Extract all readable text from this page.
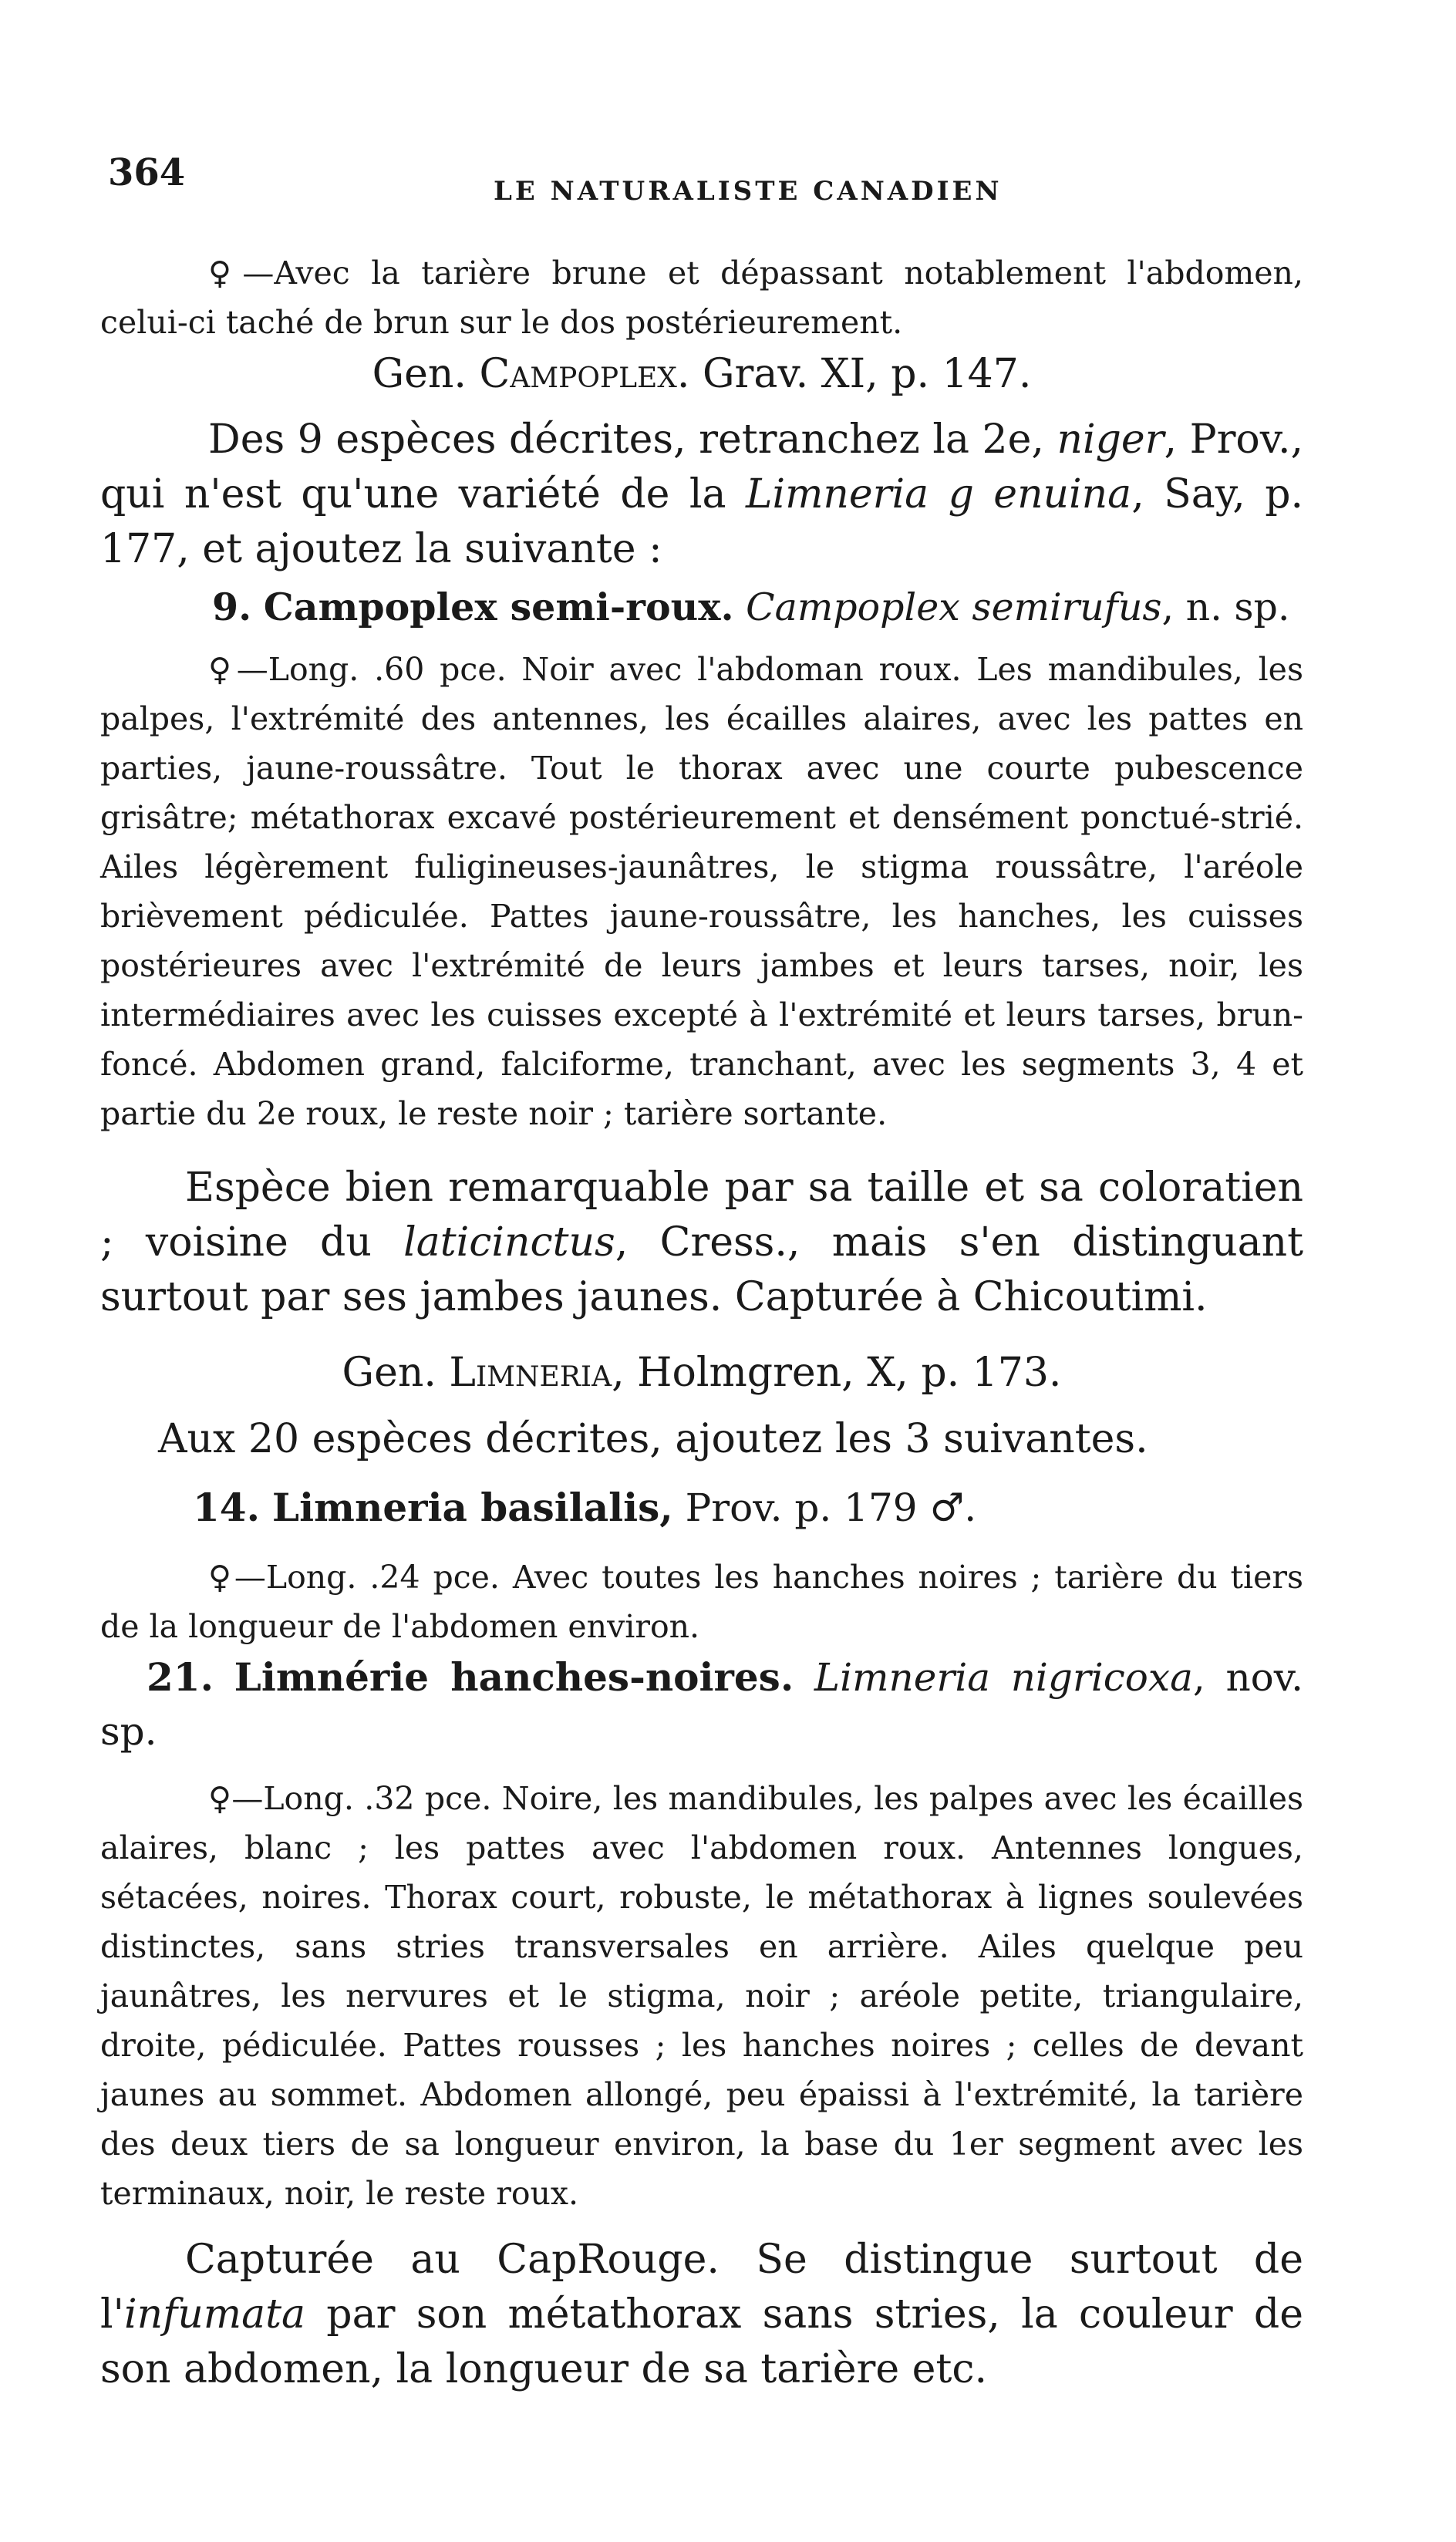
364	LE NATURALISTE CANADIEN
♀—Avec la tarière brune et dépassant notablement l'abdomen, celui-ci taché de brun sur le dos postérieurement.
Gen. Campoplex. Grav. XI, p. 147.
Des 9 espèces décrites, retranchez la 2e, niger, Prov., qui n'est qu'une variété de la Limneria g enuina, Say, p. 177, et ajoutez la suivante :
9. Campoplex semi-roux. Campoplex semirufus, n. sp.
♀—Long. .60 pce. Noir avec l'abdoman roux. Les mandibules, les palpes, l'extrémité des antennes, les écailles alaires, avec les pattes en parties, jaune-roussâtre. Tout le thorax avec une courte pubescence grisâtre; métathorax excavé postérieurement et densément ponctué-strié. Ailes légèrement fuligineuses-jaunâtres, le stigma roussâtre, l'aréole brièvement pédiculée. Pattes jaune-roussâtre, les hanches, les cuisses postérieures avec l'extrémité de leurs jambes et leurs tarses, noir, les intermédiaires avec les cuisses excepté à l'extrémité et leurs tarses, brun-foncé. Abdomen grand, falciforme, tranchant, avec les segments 3, 4 et partie du 2e roux, le reste noir ; tarière sortante.
Espèce bien remarquable par sa taille et sa coloratien ; voisine du laticinctus, Cress., mais s'en distinguant surtout par ses jambes jaunes. Capturée à Chicoutimi.
Gen. Limneria, Holmgren, X, p. 173.
Aux 20 espèces décrites, ajoutez les 3 suivantes.
14. Limneria basilalis, Prov. p. 179 ♂.
♀—Long. .24 pce. Avec toutes les hanches noires ; tarière du tiers de la longueur de l'abdomen environ.
21. Limnérie hanches-noires. Limneria nigricoxa, nov. sp.
♀—Long. .32 pce. Noire, les mandibules, les palpes avec les écailles alaires, blanc ; les pattes avec l'abdomen roux. Antennes longues, sétacées, noires. Thorax court, robuste, le métathorax à lignes soulevées distinctes, sans stries transversales en arrière. Ailes quelque peu jaunâtres, les nervures et le stigma, noir ; aréole petite, triangulaire, droite, pédiculée. Pattes rousses ; les hanches noires ; celles de devant jaunes au sommet. Abdomen allongé, peu épaissi à l'extrémité, la tarière des deux tiers de sa longueur environ, la base du 1er segment avec les terminaux, noir, le reste roux.
Capturée au CapRouge. Se distingue surtout de l'infumata par son métathorax sans stries, la couleur de son abdomen, la longueur de sa tarière etc.
